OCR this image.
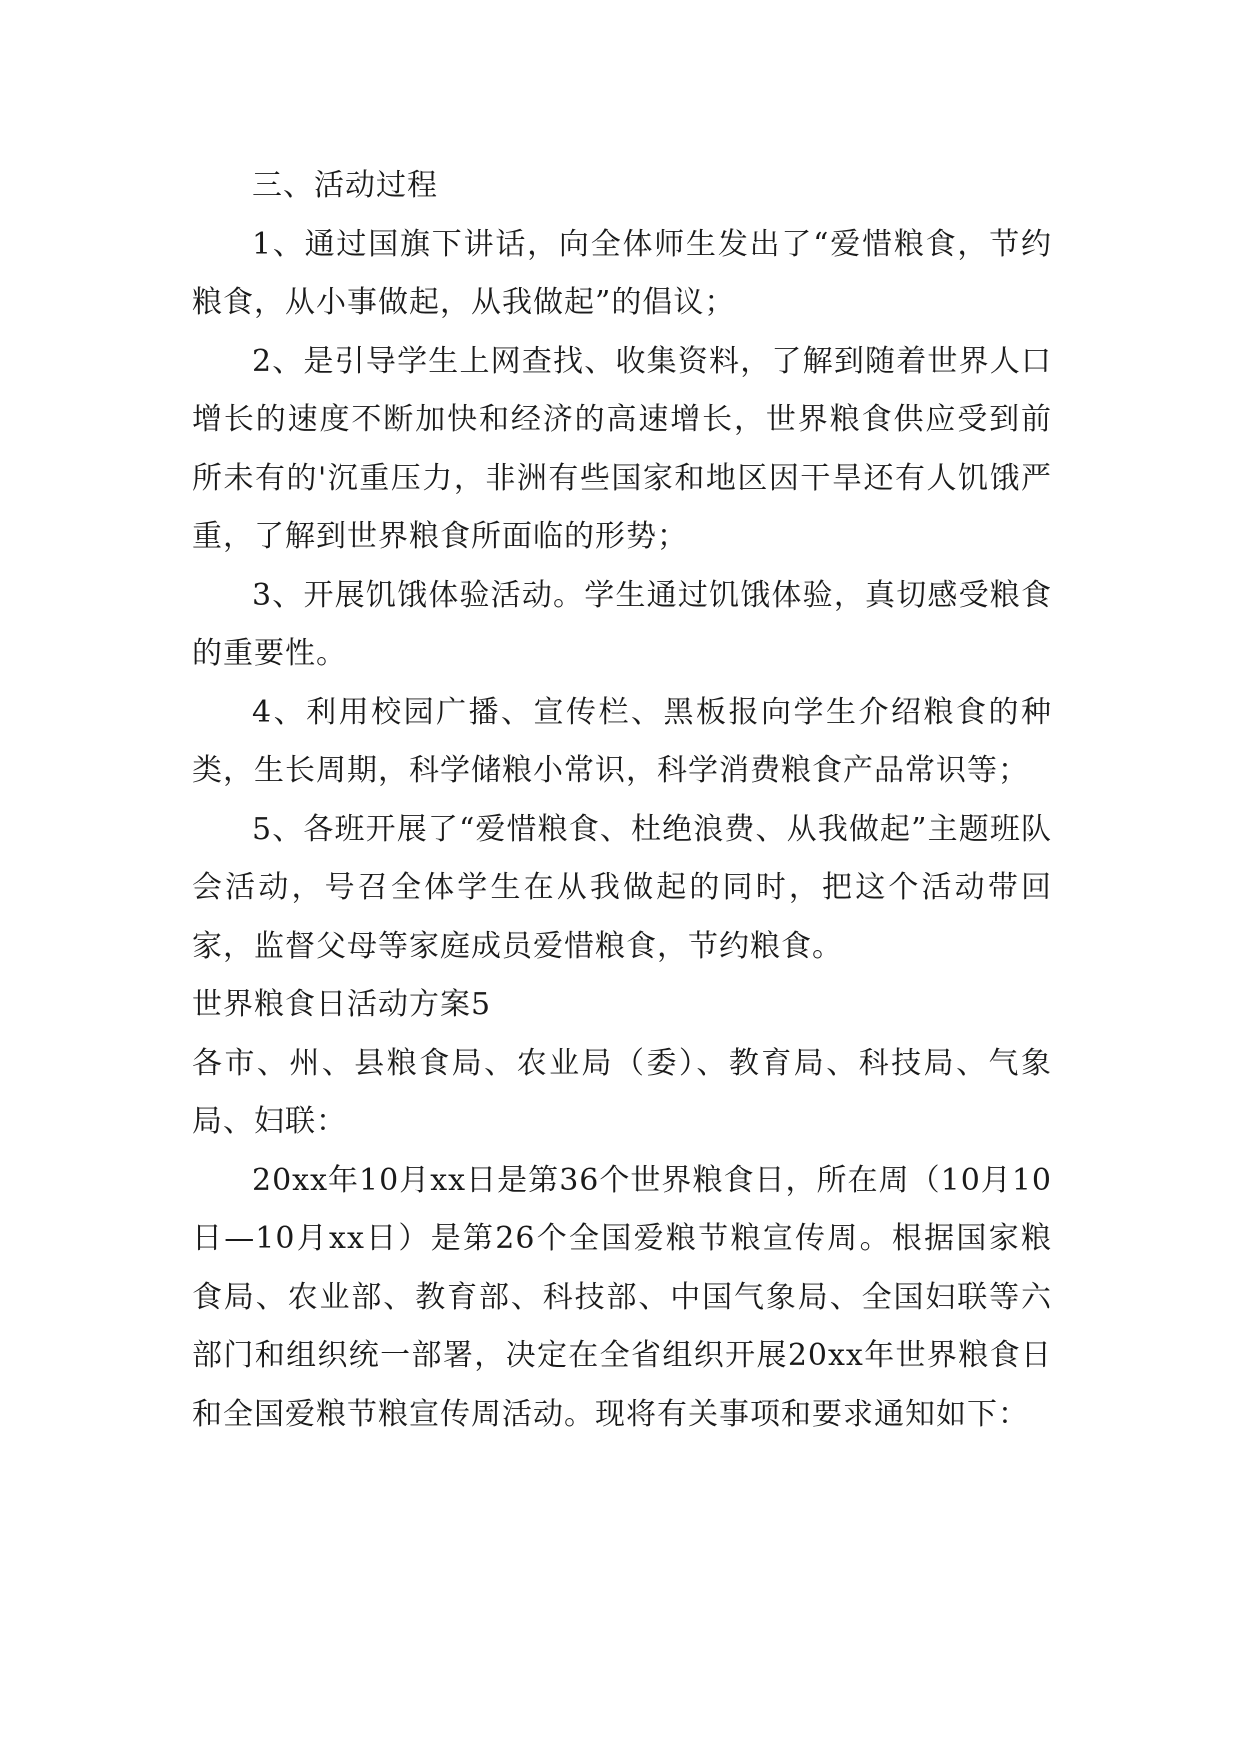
三、活动过程

1、通过国旗下讲话，向全体师生发出了“爱惜粮食，节约粮食，从小事做起，从我做起”的倡议；

2、是引导学生上网查找、收集资料，了解到随着世界人口增长的速度不断加快和经济的高速增长，世界粮食供应受到前所未有的'沉重压力，非洲有些国家和地区因干旱还有人饥饿严重，了解到世界粮食所面临的形势；

3、开展饥饿体验活动。学生通过饥饿体验，真切感受粮食的重要性。

4、利用校园广播、宣传栏、黑板报向学生介绍粮食的种类，生长周期，科学储粮小常识，科学消费粮食产品常识等；

5、各班开展了“爱惜粮食、杜绝浪费、从我做起”主题班队会活动，号召全体学生在从我做起的同时，把这个活动带回家，监督父母等家庭成员爱惜粮食，节约粮食。

世界粮食日活动方案5

各市、州、县粮食局、农业局（委）、教育局、科技局、气象局、妇联：

20xx年10月xx日是第36个世界粮食日，所在周（10月10日—10月xx日）是第26个全国爱粮节粮宣传周。根据国家粮食局、农业部、教育部、科技部、中国气象局、全国妇联等六部门和组织统一部署，决定在全省组织开展20xx年世界粮食日和全国爱粮节粮宣传周活动。现将有关事项和要求通知如下：
